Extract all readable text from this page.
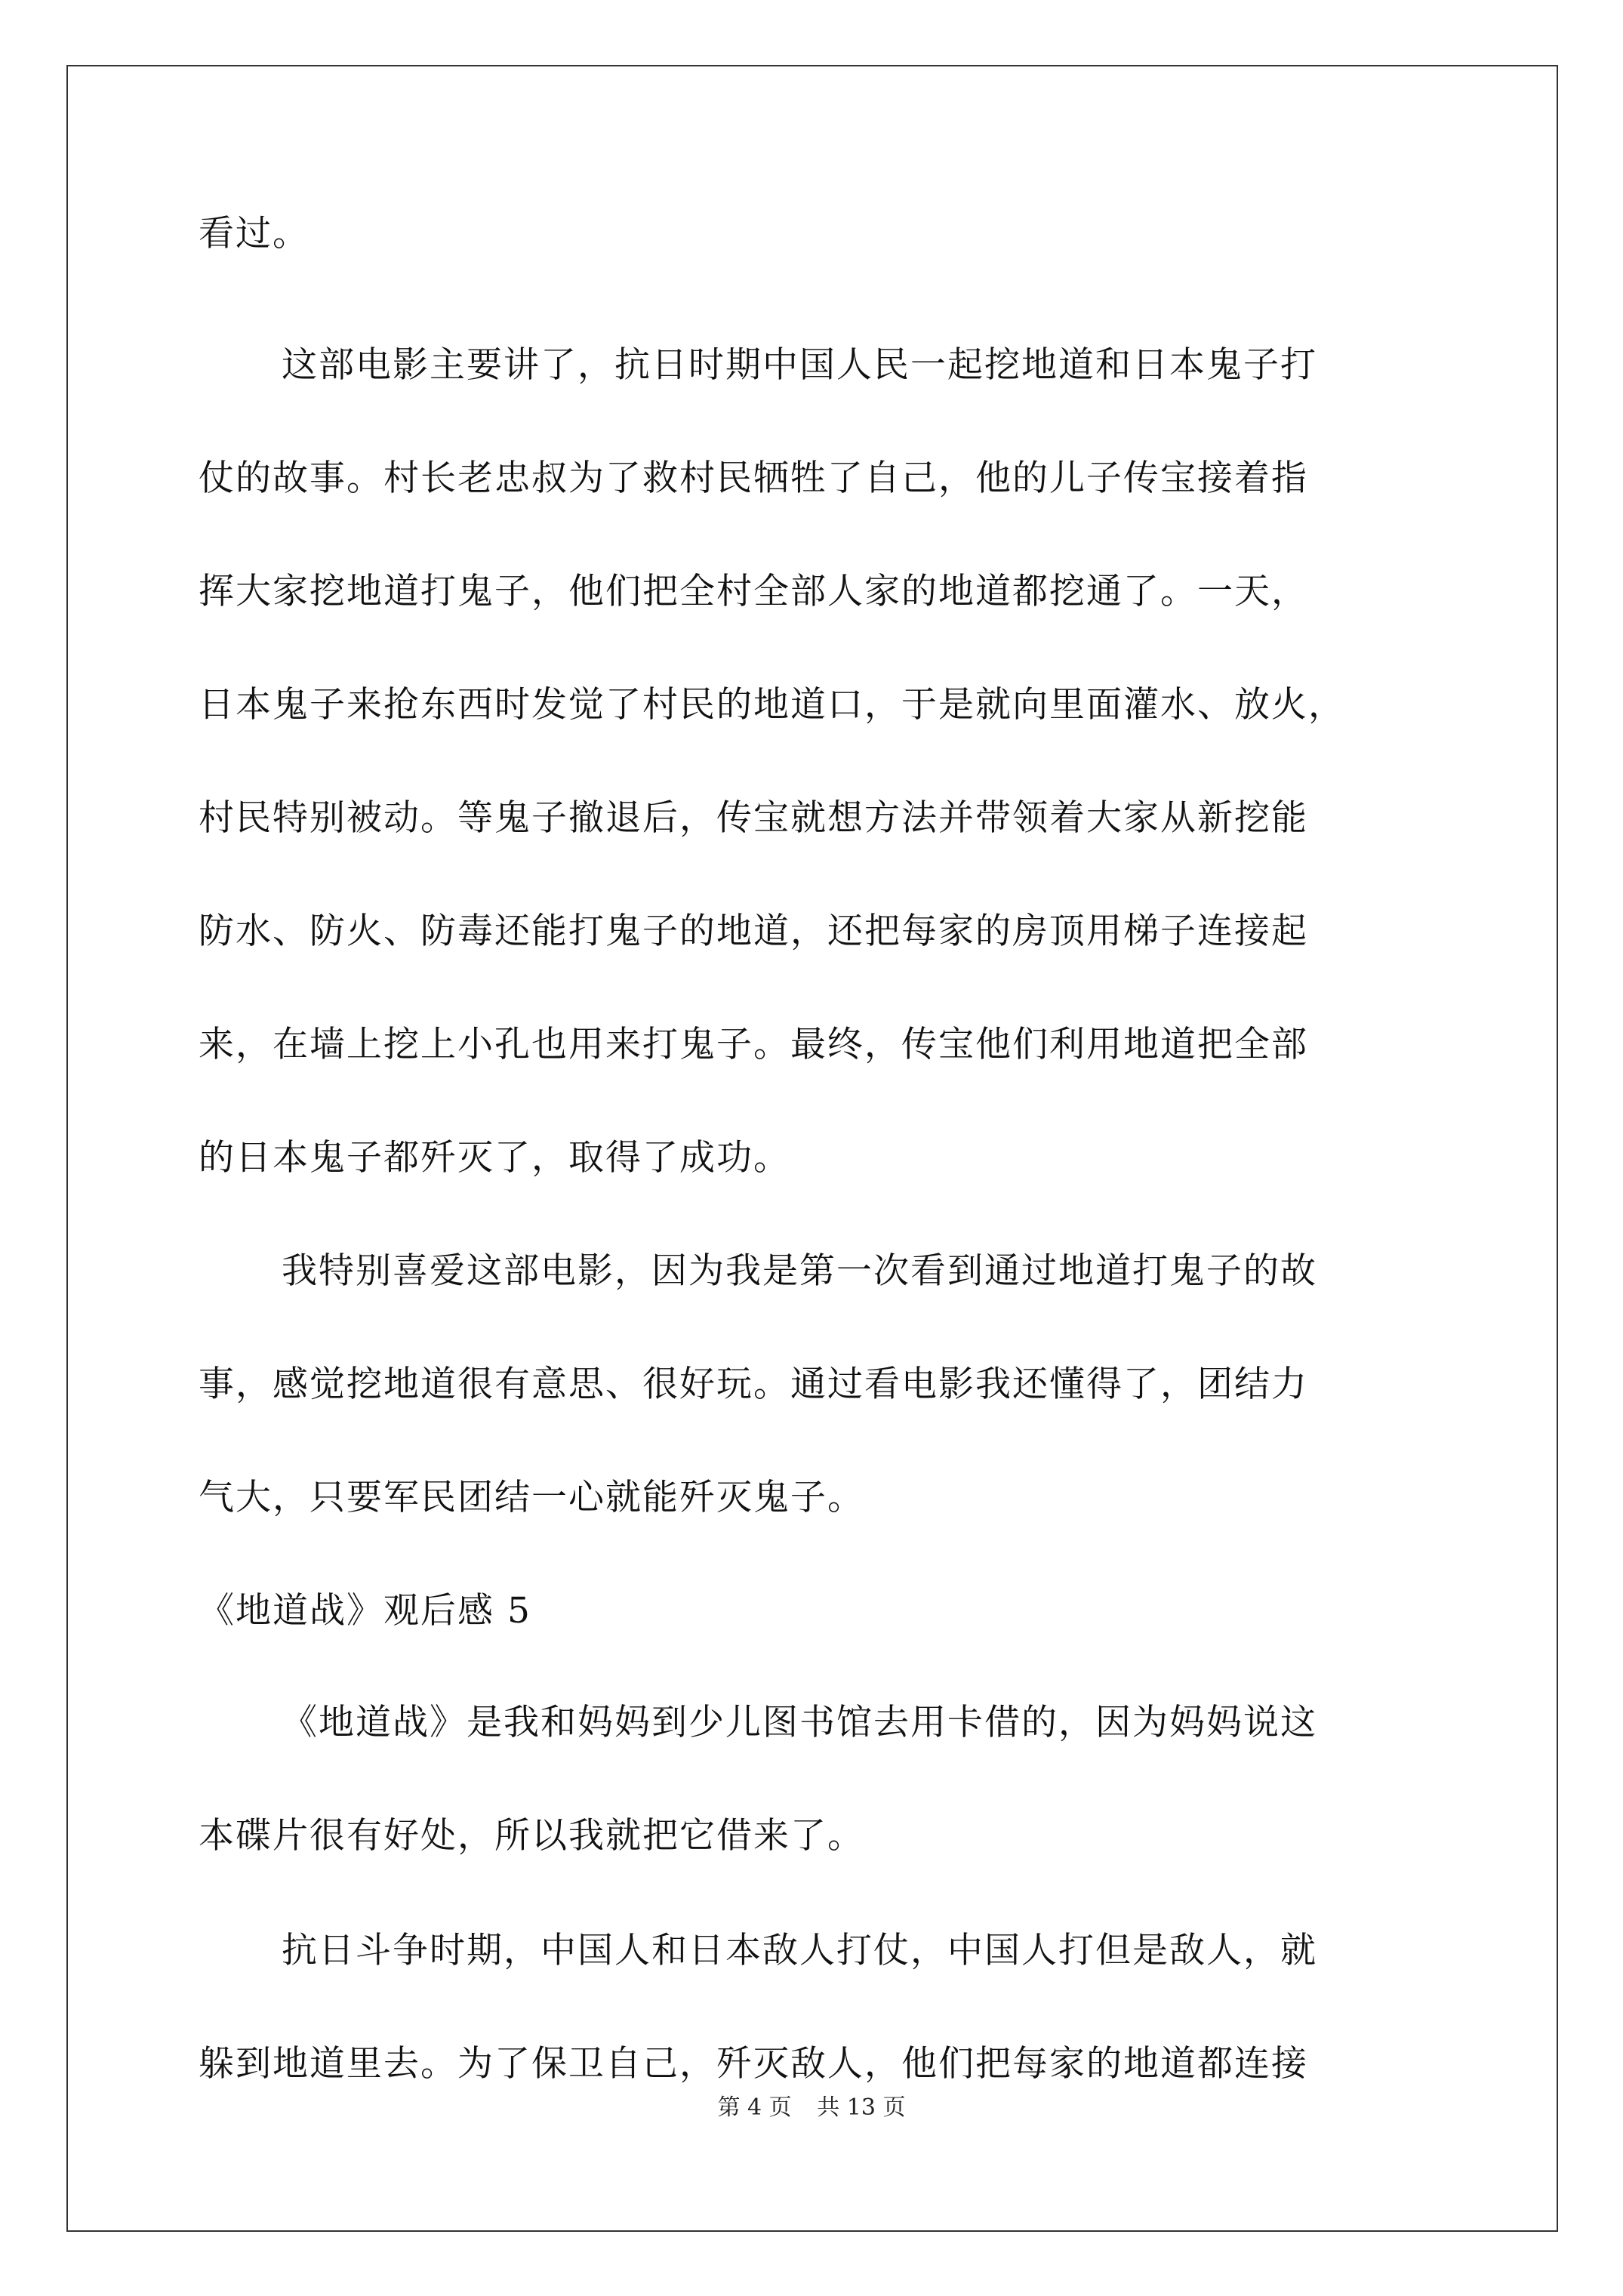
看过。
这部电影主要讲了，抗日时期中国人民一起挖地道和日本鬼子打
仗的故事。村长老忠叔为了救村民牺牲了自己，他的儿子传宝接着指
挥大家挖地道打鬼子，他们把全村全部人家的地道都挖通了。一天，
日本鬼子来抢东西时发觉了村民的地道口，于是就向里面灌水、放火，
村民特别被动。等鬼子撤退后，传宝就想方法并带领着大家从新挖能
防水、防火、防毒还能打鬼子的地道，还把每家的房顶用梯子连接起
来，在墙上挖上小孔也用来打鬼子。最终，传宝他们利用地道把全部
的日本鬼子都歼灭了，取得了成功。
我特别喜爱这部电影，因为我是第一次看到通过地道打鬼子的故
事，感觉挖地道很有意思、很好玩。通过看电影我还懂得了，团结力
气大，只要军民团结一心就能歼灭鬼子。
《地道战》观后感 5
《地道战》是我和妈妈到少儿图书馆去用卡借的，因为妈妈说这
本碟片很有好处，所以我就把它借来了。
抗日斗争时期，中国人和日本敌人打仗，中国人打但是敌人，就
躲到地道里去。为了保卫自己，歼灭敌人，他们把每家的地道都连接
第 4 页 共 13 页
